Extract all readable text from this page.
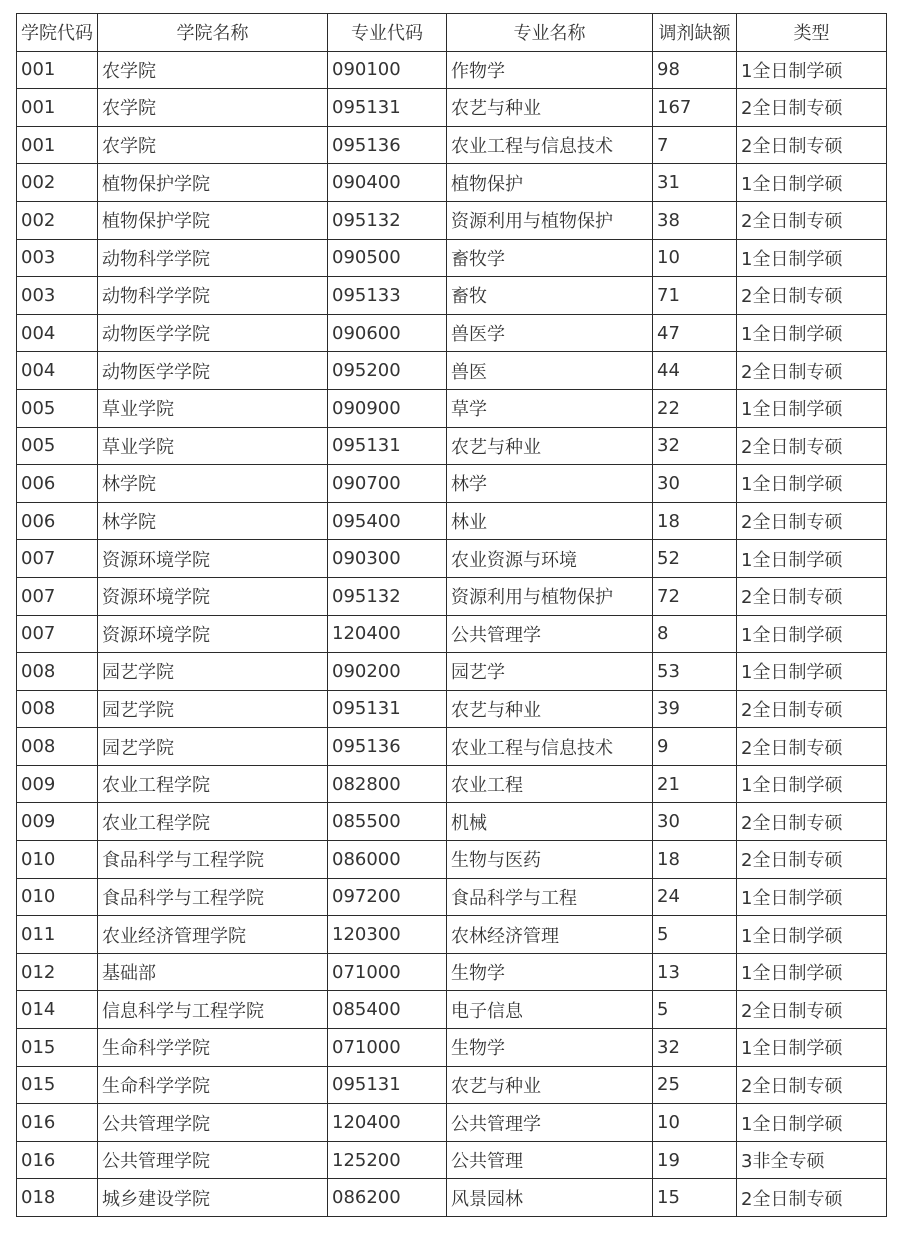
学院代码	学院名称	专业代码	专业名称	调剂缺额	类型
001	农学院	090100	作物学	98	1全日制学硕
001	农学院	095131	农艺与种业	167	2全日制专硕
001	农学院	095136	农业工程与信息技术	7	2全日制专硕
002	植物保护学院	090400	植物保护	31	1全日制学硕
002	植物保护学院	095132	资源利用与植物保护	38	2全日制专硕
003	动物科学学院	090500	畜牧学	10	1全日制学硕
003	动物科学学院	095133	畜牧	71	2全日制专硕
004	动物医学学院	090600	兽医学	47	1全日制学硕
004	动物医学学院	095200	兽医	44	2全日制专硕
005	草业学院	090900	草学	22	1全日制学硕
005	草业学院	095131	农艺与种业	32	2全日制专硕
006	林学院	090700	林学	30	1全日制学硕
006	林学院	095400	林业	18	2全日制专硕
007	资源环境学院	090300	农业资源与环境	52	1全日制学硕
007	资源环境学院	095132	资源利用与植物保护	72	2全日制专硕
007	资源环境学院	120400	公共管理学	8	1全日制学硕
008	园艺学院	090200	园艺学	53	1全日制学硕
008	园艺学院	095131	农艺与种业	39	2全日制专硕
008	园艺学院	095136	农业工程与信息技术	9	2全日制专硕
009	农业工程学院	082800	农业工程	21	1全日制学硕
009	农业工程学院	085500	机械	30	2全日制专硕
010	食品科学与工程学院	086000	生物与医药	18	2全日制专硕
010	食品科学与工程学院	097200	食品科学与工程	24	1全日制学硕
011	农业经济管理学院	120300	农林经济管理	5	1全日制学硕
012	基础部	071000	生物学	13	1全日制学硕
014	信息科学与工程学院	085400	电子信息	5	2全日制专硕
015	生命科学学院	071000	生物学	32	1全日制学硕
015	生命科学学院	095131	农艺与种业	25	2全日制专硕
016	公共管理学院	120400	公共管理学	10	1全日制学硕
016	公共管理学院	125200	公共管理	19	3非全专硕
018	城乡建设学院	086200	风景园林	15	2全日制专硕
